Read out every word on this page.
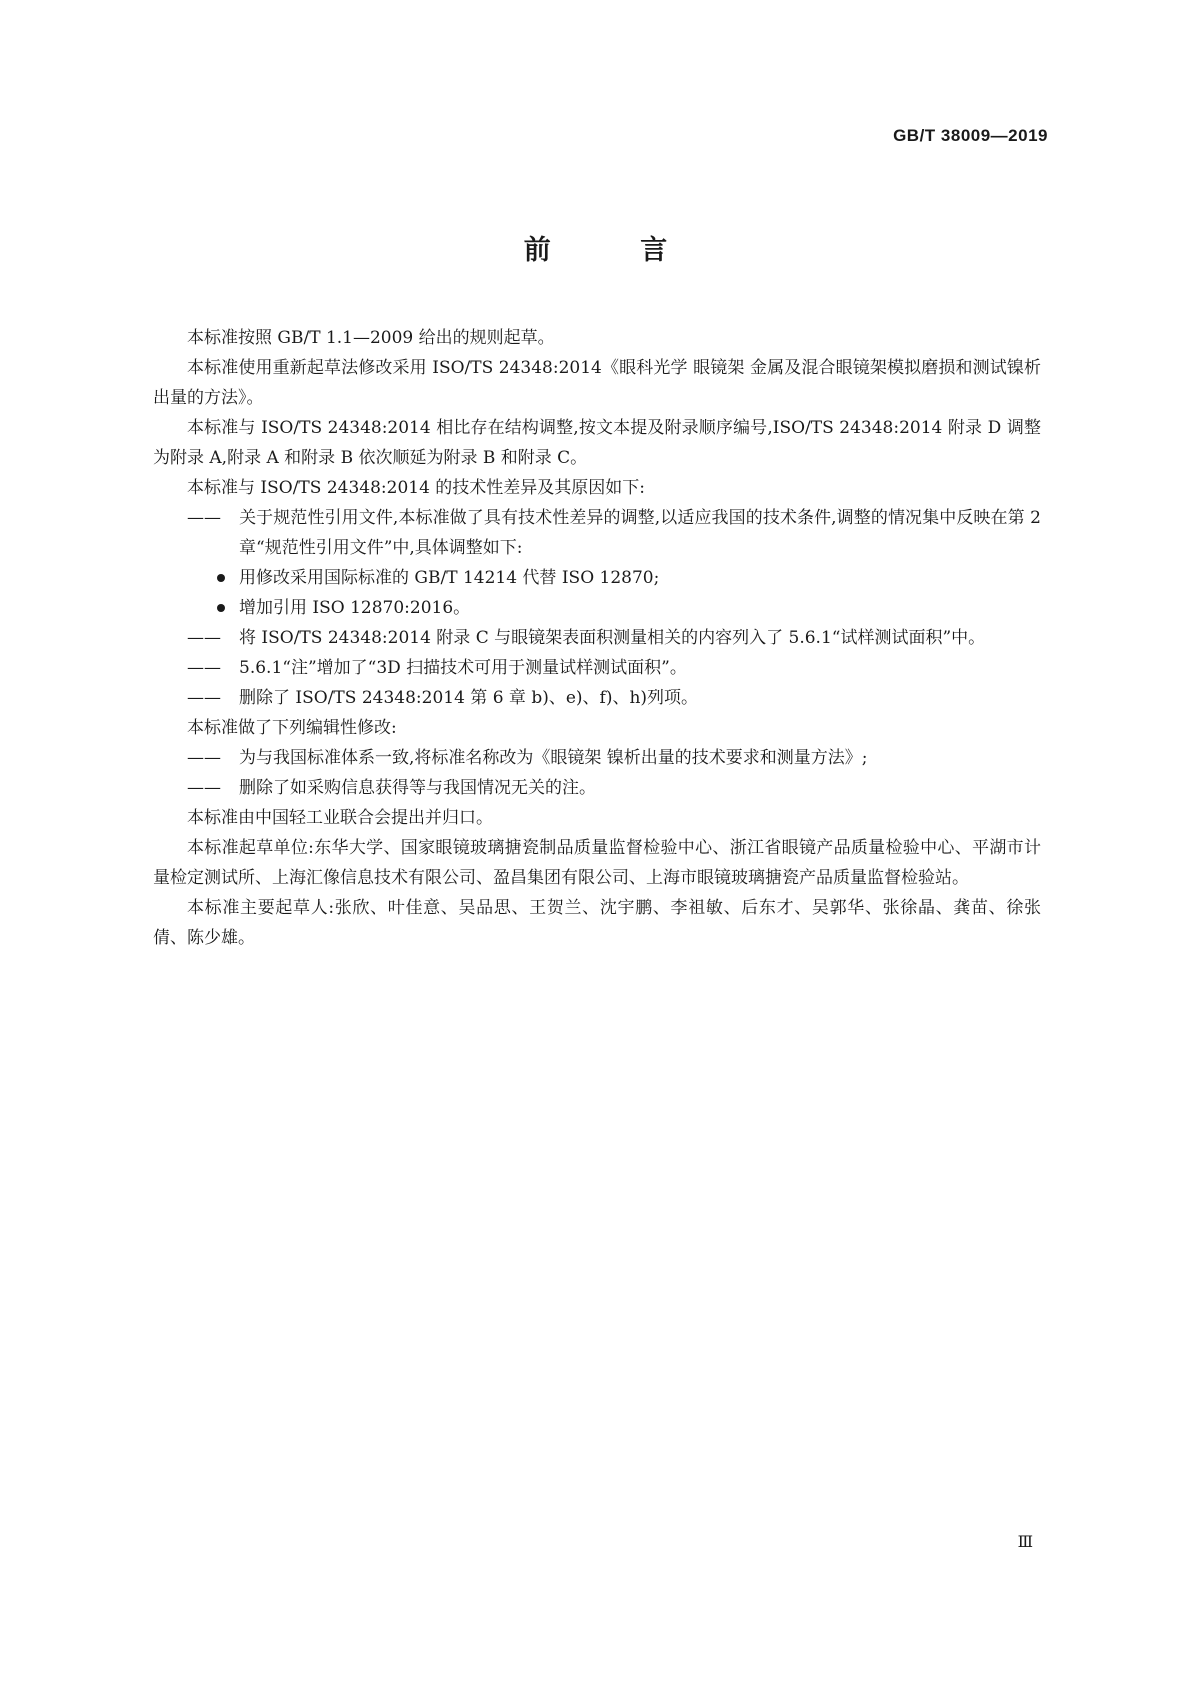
GB/T 38009—2019
前 言

本标准按照 GB/T 1.1—2009 给出的规则起草。

本标准使用重新起草法修改采用 ISO/TS 24348:2014《眼科光学 眼镜架 金属及混合眼镜架模拟磨损和测试镍析出量的方法》。

本标准与 ISO/TS 24348:2014 相比存在结构调整,按文本提及附录顺序编号,ISO/TS 24348:2014 附录 D 调整为附录 A,附录 A 和附录 B 依次顺延为附录 B 和附录 C。

本标准与 ISO/TS 24348:2014 的技术性差异及其原因如下:

—— 关于规范性引用文件,本标准做了具有技术性差异的调整,以适应我国的技术条件,调整的情况集中反映在第 2 章“规范性引用文件”中,具体调整如下:

用修改采用国际标准的 GB/T 14214 代替 ISO 12870;

增加引用 ISO 12870:2016。

—— 将 ISO/TS 24348:2014 附录 C 与眼镜架表面积测量相关的内容列入了 5.6.1“试样测试面积”中。

—— 5.6.1“注”增加了“3D 扫描技术可用于测量试样测试面积”。

—— 删除了 ISO/TS 24348:2014 第 6 章 b)、e)、f)、h)列项。

本标准做了下列编辑性修改:

—— 为与我国标准体系一致,将标准名称改为《眼镜架 镍析出量的技术要求和测量方法》;

—— 删除了如采购信息获得等与我国情况无关的注。

本标准由中国轻工业联合会提出并归口。

本标准起草单位:东华大学、国家眼镜玻璃搪瓷制品质量监督检验中心、浙江省眼镜产品质量检验中心、平湖市计量检定测试所、上海汇像信息技术有限公司、盈昌集团有限公司、上海市眼镜玻璃搪瓷产品质量监督检验站。

本标准主要起草人:张欣、叶佳意、吴品思、王贺兰、沈宇鹏、李祖敏、后东才、吴郭华、张徐晶、龚苗、徐张倩、陈少雄。

Ⅲ
